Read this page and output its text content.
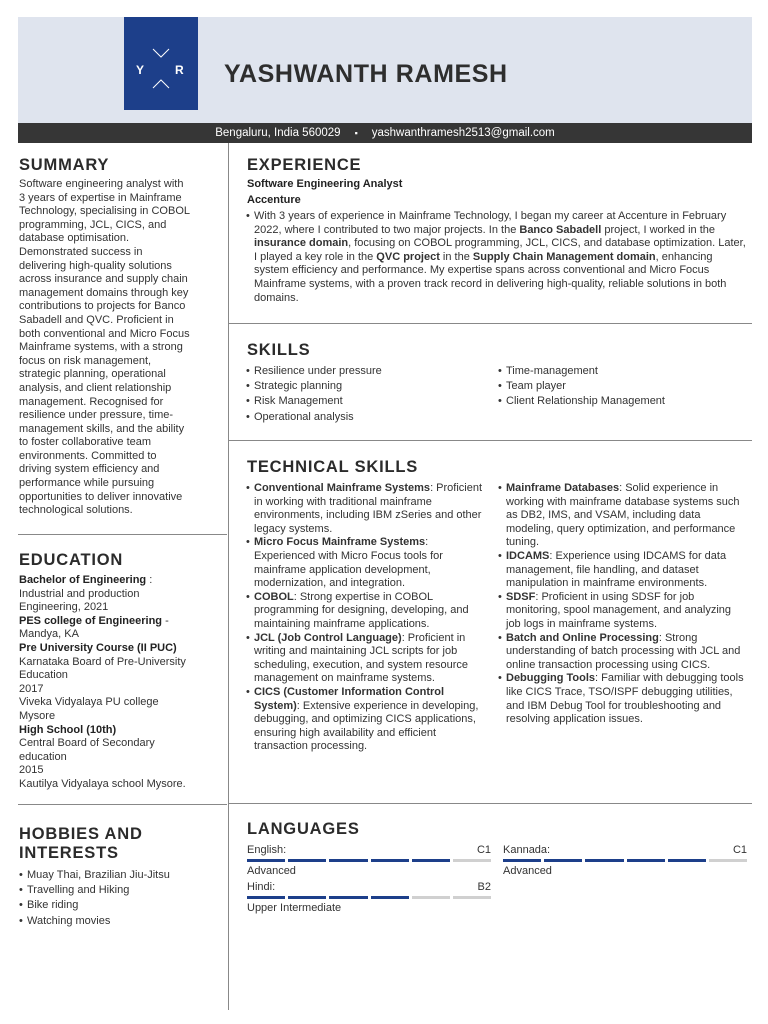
Y	R YASHWANTH RAMESH
Bengaluru, India 560029 ▪ yashwanthramesh2513@gmail.com
SUMMARY
Software engineering analyst with
3 years of expertise in Mainframe
Technology, specialising in COBOL
programming, JCL, CICS, and
database optimisation.
Demonstrated success in
delivering high-quality solutions
across insurance and supply chain
management domains through key
contributions to projects for Banco
Sabadell and QVC. Proficient in
both conventional and Micro Focus
Mainframe systems, with a strong
focus on risk management,
strategic planning, operational
analysis, and client relationship
management. Recognised for
resilience under pressure, time-
management skills, and the ability
to foster collaborative team
environments. Committed to
driving system efficiency and
performance while pursuing
opportunities to deliver innovative
technological solutions.
EDUCATION
Bachelor of Engineering :
Industrial and production
Engineering, 2021
PES college of Engineering -
Mandya, KA
Pre University Course (II PUC)
Karnataka Board of Pre-University
Education
2017
Viveka Vidyalaya PU college
Mysore
High School (10th)
Central Board of Secondary
education
2015
Kautilya Vidyalaya school Mysore.
HOBBIES AND
INTERESTS
• Muay Thai, Brazilian Jiu-Jitsu
• Travelling and Hiking
• Bike riding
• Watching movies
EXPERIENCE
Software Engineering Analyst
Accenture
• With 3 years of experience in Mainframe Technology, I began my career at Accenture in February 2022, where I contributed to two major projects. In the Banco Sabadell project, I worked in the insurance domain, focusing on COBOL programming, JCL, CICS, and database optimization. Later, I played a key role in the QVC project in the Supply Chain Management domain, enhancing system efficiency and performance. My expertise spans across conventional and Micro Focus Mainframe systems, with a proven track record in delivering high-quality, reliable solutions in both domains.
SKILLS
• Resilience under pressure
• Strategic planning
• Risk Management
• Operational analysis
• Time-management
• Team player
• Client Relationship Management
TECHNICAL SKILLS
• Conventional Mainframe Systems: Proficient in working with traditional mainframe environments, including IBM zSeries and other legacy systems.
• Micro Focus Mainframe Systems: Experienced with Micro Focus tools for mainframe application development, modernization, and integration.
• COBOL: Strong expertise in COBOL programming for designing, developing, and maintaining mainframe applications.
• JCL (Job Control Language): Proficient in writing and maintaining JCL scripts for job scheduling, execution, and system resource management on mainframe systems.
• CICS (Customer Information Control System): Extensive experience in developing, debugging, and optimizing CICS applications, ensuring high availability and efficient transaction processing.
• Mainframe Databases: Solid experience in working with mainframe database systems such as DB2, IMS, and VSAM, including data modeling, query optimization, and performance tuning.
• IDCAMS: Experience using IDCAMS for data management, file handling, and dataset manipulation in mainframe environments.
• SDSF: Proficient in using SDSF for job monitoring, spool management, and analyzing job logs in mainframe systems.
• Batch and Online Processing: Strong understanding of batch processing with JCL and online transaction processing using CICS.
• Debugging Tools: Familiar with debugging tools like CICS Trace, TSO/ISPF debugging utilities, and IBM Debug Tool for troubleshooting and resolving application issues.
LANGUAGES
English:	C1
Advanced
Kannada:	C1
Advanced
Hindi:	B2
Upper Intermediate
